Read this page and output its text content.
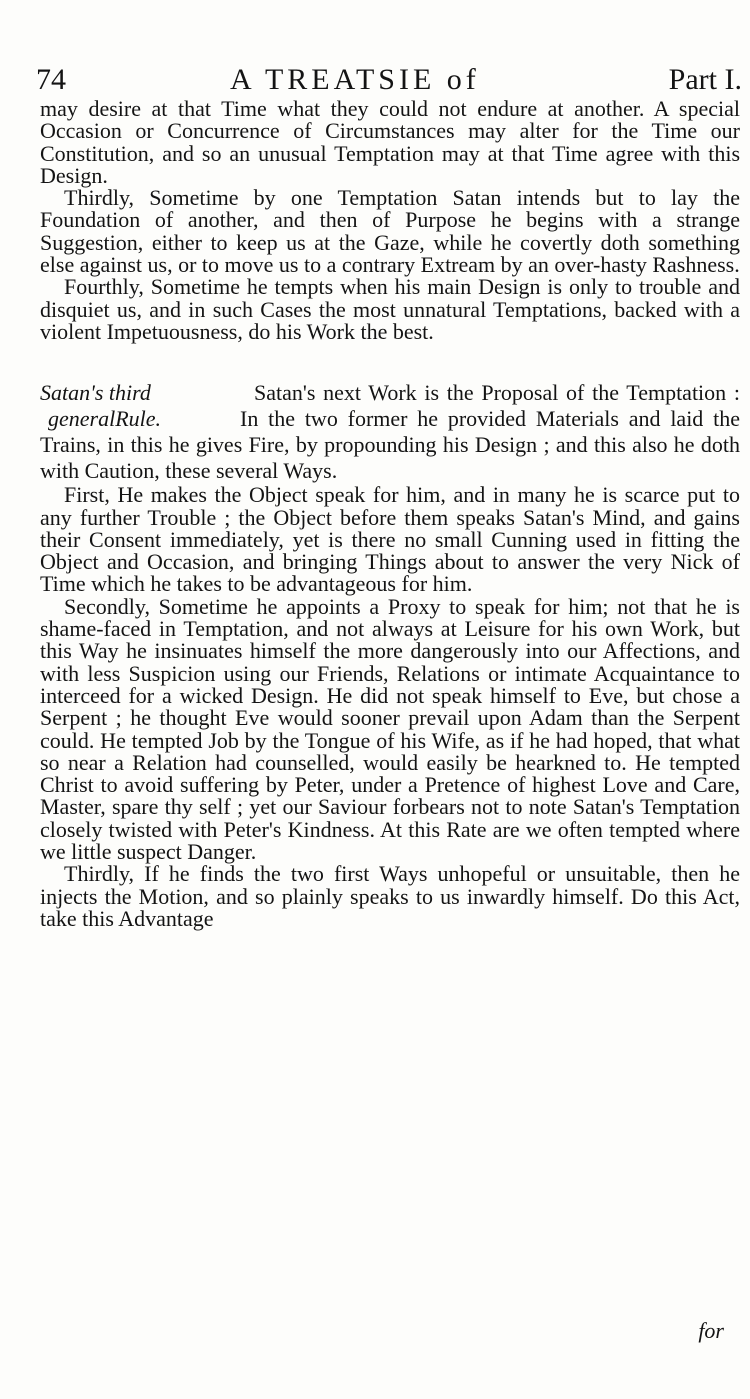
74	A TREATSIE of	Part I.

may desire at that Time what they could not endure at another. A special Occasion or Concurrence of Circumstances may alter for the Time our Constitution, and so an unusual Temptation may at that Time agree with this Design.

Thirdly, Sometime by one Temptation Satan intends but to lay the Foundation of another, and then of Purpose he begins with a strange Suggestion, either to keep us at the Gaze, while he covertly doth something else against us, or to move us to a contrary Extream by an over-hasty Rashness.

Fourthly, Sometime he tempts when his main Design is only to trouble and disquiet us, and in such Cases the most unnatural Temptations, backed with a violent Impetuousness, do his Work the best.

Satan's third
generalRule.

Satan's next Work is the Proposal of the Temptation : In the two former he provided Materials and laid the Trains, in this he gives Fire, by propounding his Design ; and this also he doth with Caution, these several Ways.

First, He makes the Object speak for him, and in many he is scarce put to any further Trouble ; the Object before them speaks Satan's Mind, and gains their Consent immediately, yet is there no small Cunning used in fitting the Object and Occasion, and bringing Things about to answer the very Nick of Time which he takes to be advantageous for him.

Secondly, Sometime he appoints a Proxy to speak for him; not that he is shame-faced in Temptation, and not always at Leisure for his own Work, but this Way he insinuates himself the more dangerously into our Affections, and with less Suspicion using our Friends, Relations or intimate Acquaintance to interceed for a wicked Design. He did not speak himself to Eve, but chose a Serpent ; he thought Eve would sooner prevail upon Adam than the Serpent could. He tempted Job by the Tongue of his Wife, as if he had hoped, that what so near a Relation had counselled, would easily be hearkned to. He tempted Christ to avoid suffering by Peter, under a Pretence of highest Love and Care, Master, spare thy self ; yet our Saviour forbears not to note Satan's Temptation closely twisted with Peter's Kindness. At this Rate are we often tempted where we little suspect Danger.

Thirdly, If he finds the two first Ways unhopeful or unsuitable, then he injects the Motion, and so plainly speaks to us inwardly himself. Do this Act, take this Advantage

for
